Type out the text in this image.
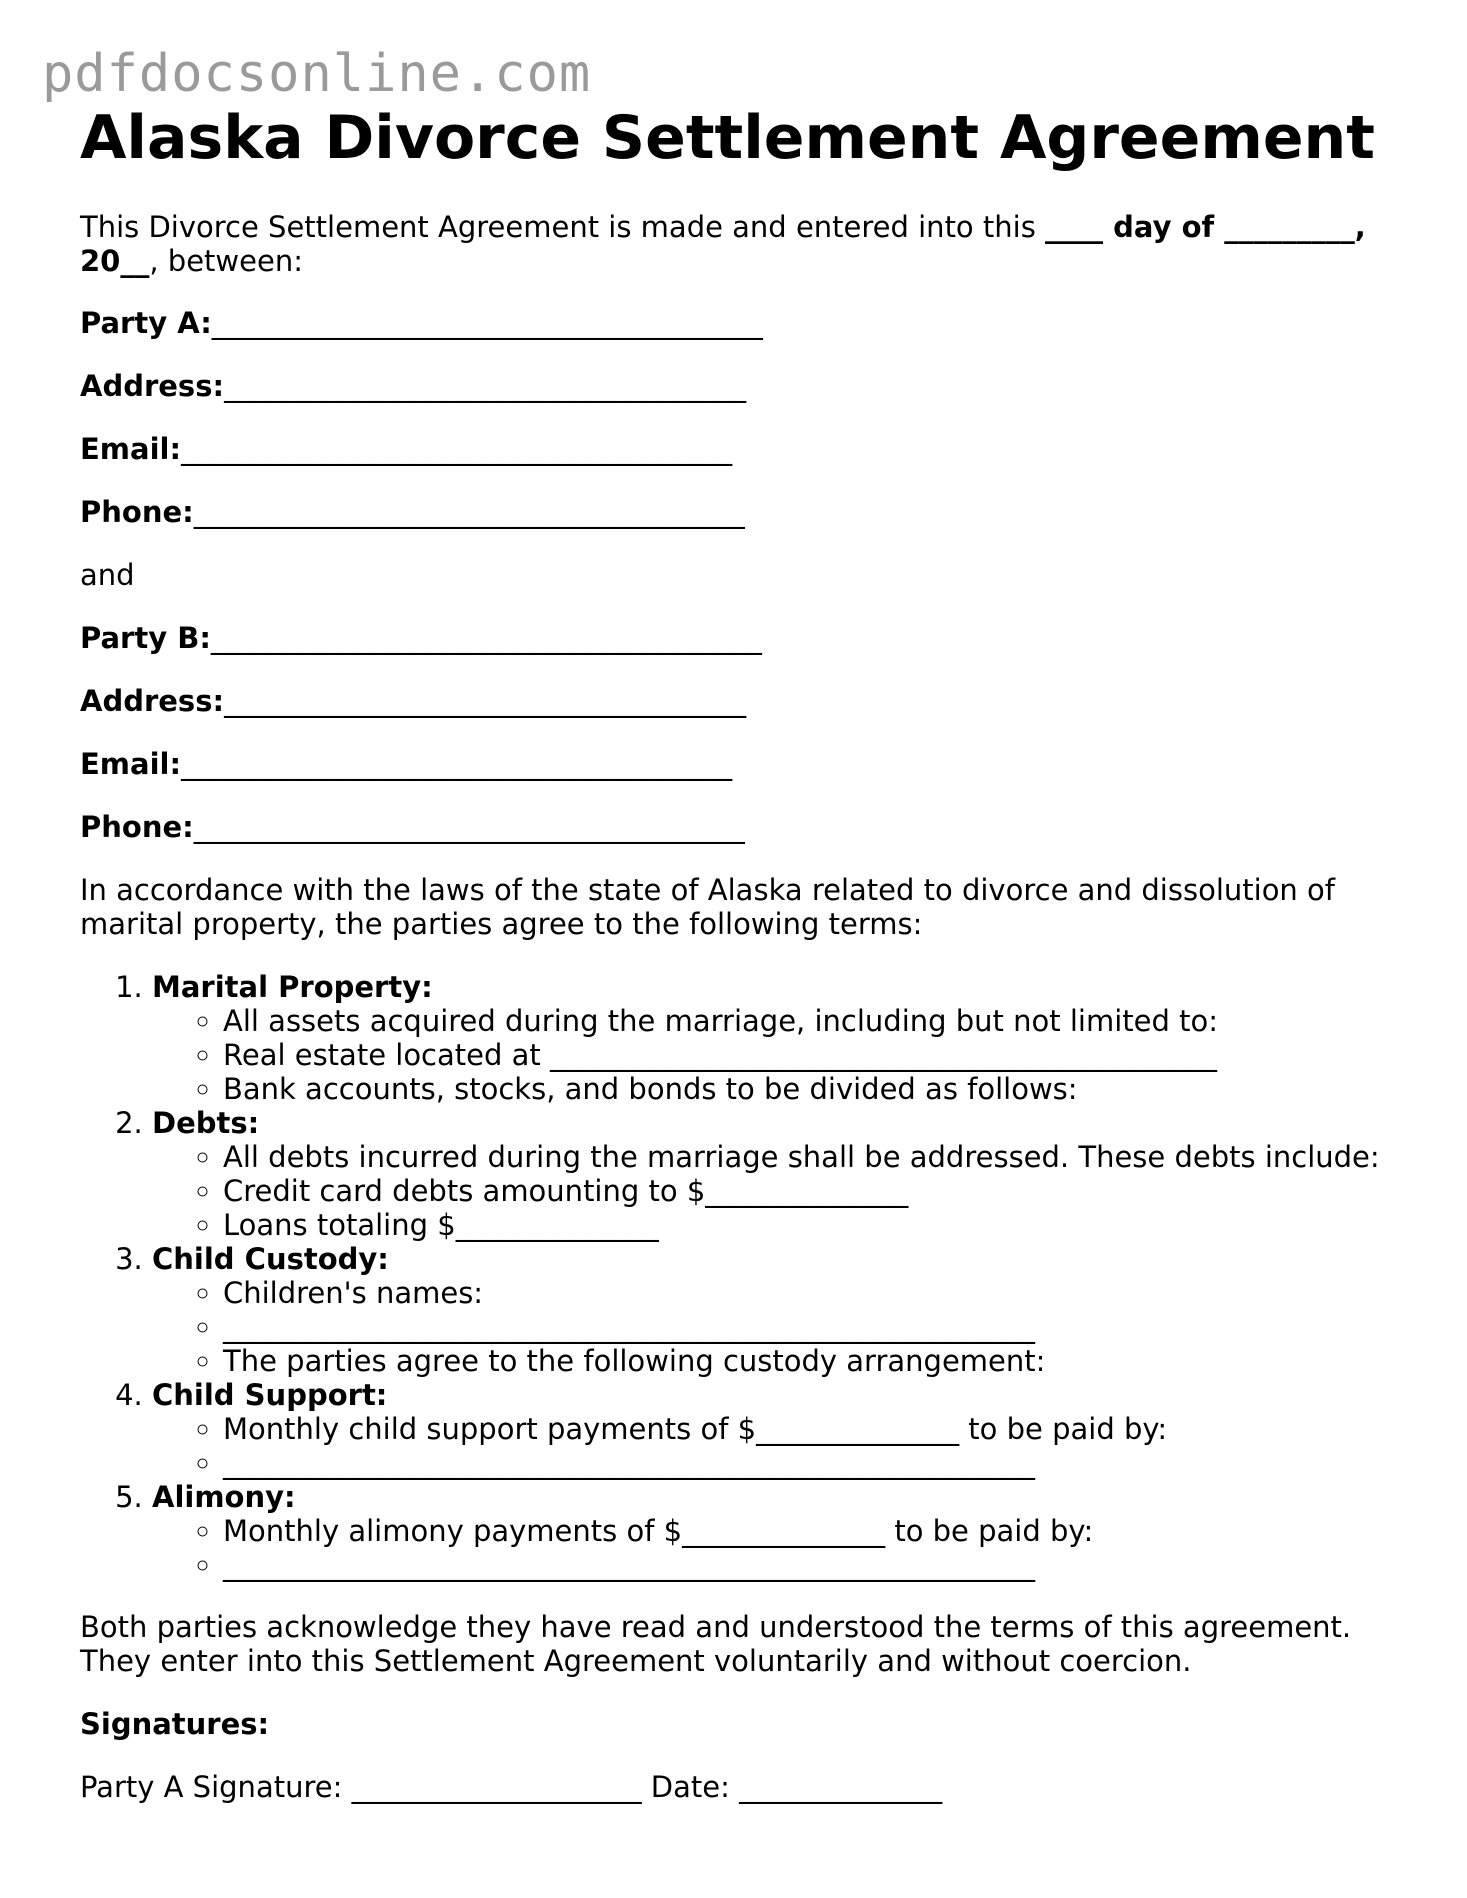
pdfdocsonline.com
Alaska Divorce Settlement Agreement

This Divorce Settlement Agreement is made and entered into this ____ day of _________,
20__, between:

Party A:______________________________________

Address:____________________________________

Email:______________________________________

Phone:______________________________________

and

Party B:______________________________________

Address:____________________________________

Email:______________________________________

Phone:______________________________________

In accordance with the laws of the state of Alaska related to divorce and dissolution of marital property, the parties agree to the following terms:

1. Marital Property:
◦ All assets acquired during the marriage, including but not limited to:
◦ Real estate located at ______________________________________________
◦ Bank accounts, stocks, and bonds to be divided as follows:
2. Debts:
◦ All debts incurred during the marriage shall be addressed. These debts include:
◦ Credit card debts amounting to $______________
◦ Loans totaling $______________
3. Child Custody:
◦ Children's names:
◦ ________________________________________________________
◦ The parties agree to the following custody arrangement:
4. Child Support:
◦ Monthly child support payments of $______________ to be paid by:
◦ ________________________________________________________
5. Alimony:
◦ Monthly alimony payments of $______________ to be paid by:
◦ ________________________________________________________

Both parties acknowledge they have read and understood the terms of this agreement. They enter into this Settlement Agreement voluntarily and without coercion.

Signatures:

Party A Signature: ____________________ Date: ______________
